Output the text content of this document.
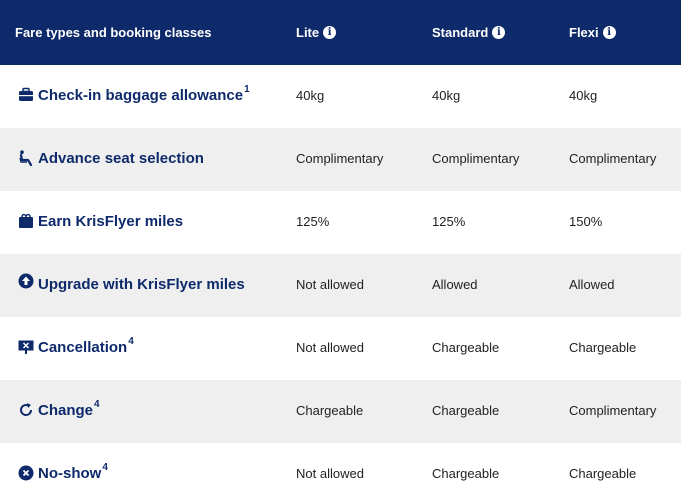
Fare types and booking classes	Lite i	Standard i	Flexi i
Check-in baggage allowance$^1$	40kg	40kg	40kg
Advance seat selection	Complimentary	Complimentary	Complimentary
Earn KrisFlyer miles	125%	125%	150%
Upgrade with KrisFlyer miles	Not allowed	Allowed	Allowed
Cancellation$^4$	Not allowed	Chargeable	Chargeable
Change$^4$	Chargeable	Chargeable	Complimentary
No-show$^4$	Not allowed	Chargeable	Chargeable
